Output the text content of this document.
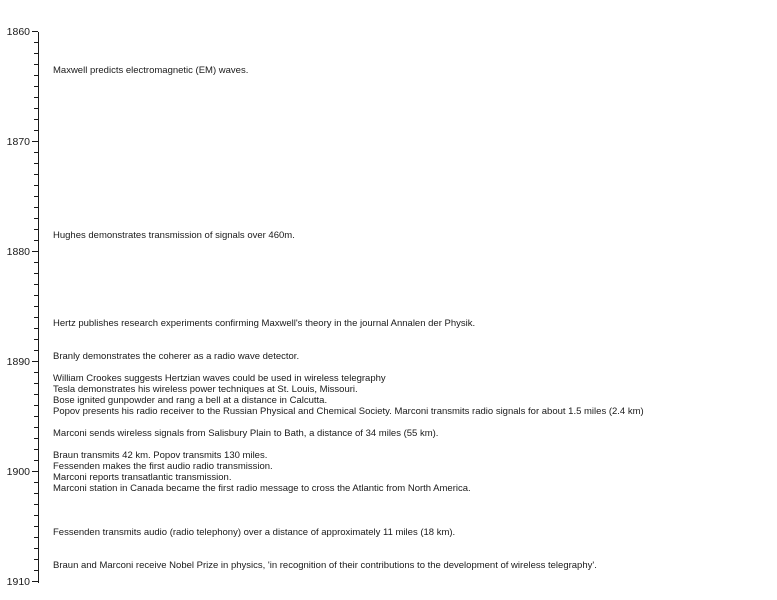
1860
1870
1880
1890
1900
1910
Maxwell predicts electromagnetic (EM) waves.
Hughes demonstrates transmission of signals over 460m.
Hertz publishes research experiments confirming Maxwell's theory in the journal Annalen der Physik.
Branly demonstrates the coherer as a radio wave detector.
William Crookes suggests Hertzian waves could be used in wireless telegraphy
Tesla demonstrates his wireless power techniques at St. Louis, Missouri.
Bose ignited gunpowder and rang a bell at a distance in Calcutta.
Popov presents his radio receiver to the Russian Physical and Chemical Society. Marconi transmits radio signals for about 1.5 miles (2.4 km)
Marconi sends wireless signals from Salisbury Plain to Bath, a distance of 34 miles (55 km).
Braun transmits 42 km. Popov transmits 130 miles.
Fessenden makes the first audio radio transmission.
Marconi reports transatlantic transmission.
Marconi station in Canada became the first radio message to cross the Atlantic from North America.
Fessenden transmits audio (radio telephony) over a distance of approximately 11 miles (18 km).
Braun and Marconi receive Nobel Prize in physics, 'in recognition of their contributions to the development of wireless telegraphy'.
